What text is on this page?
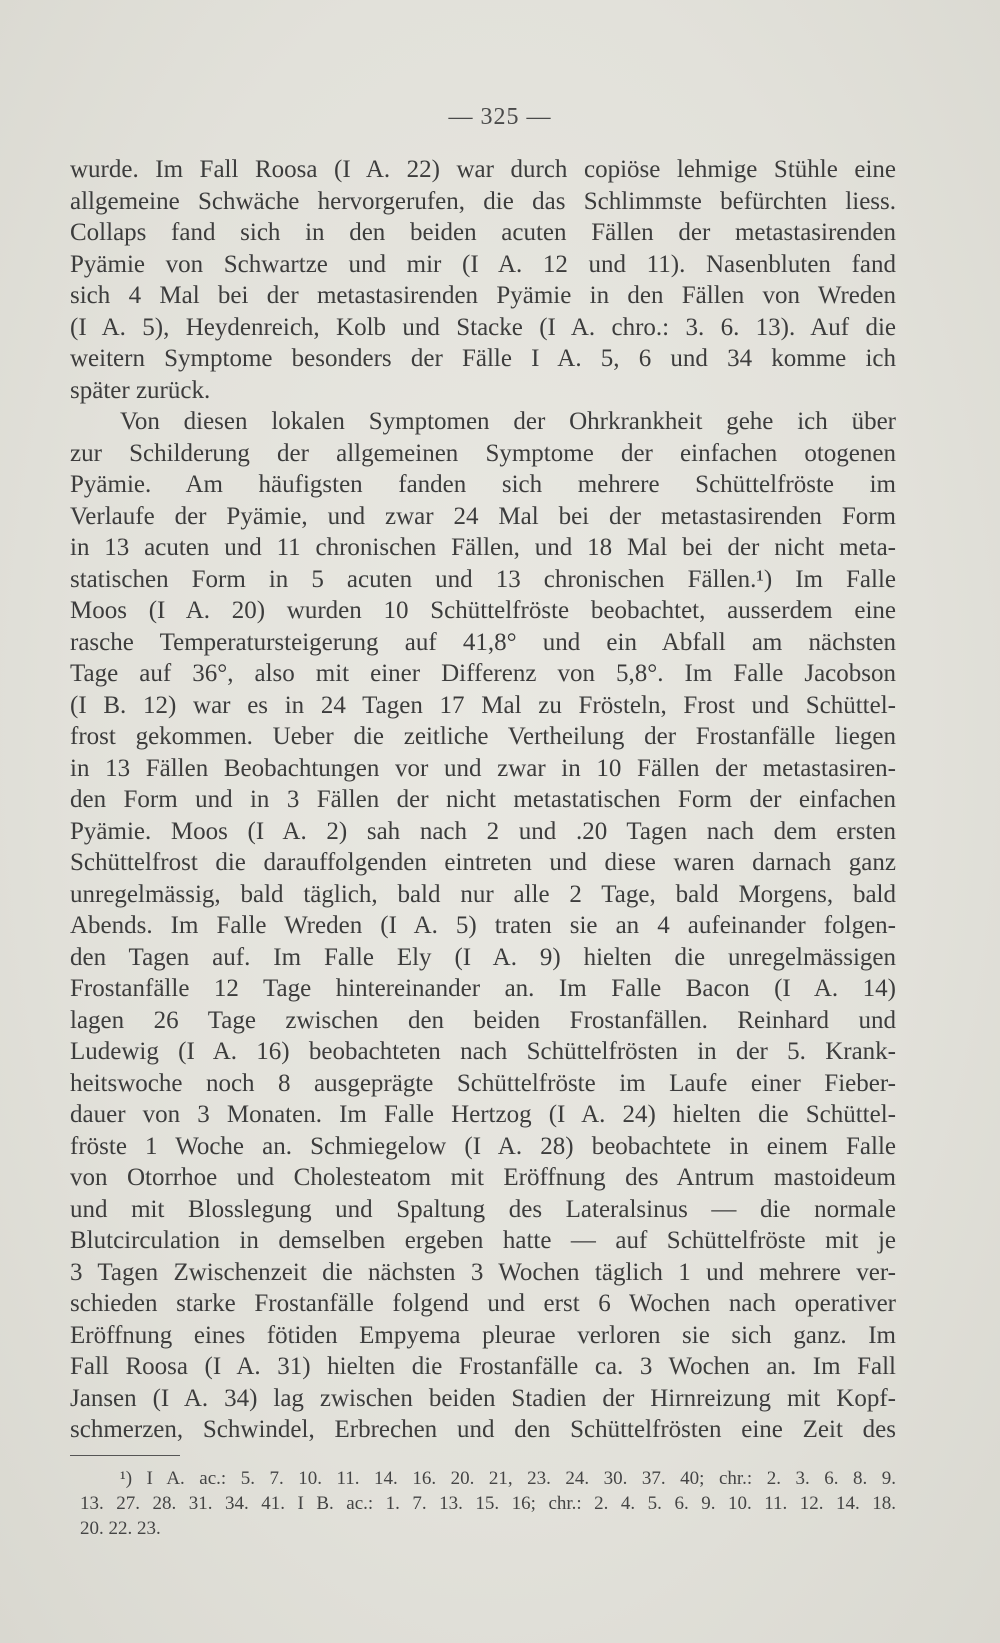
— 325 —
wurde. Im Fall Roosa (I A. 22) war durch copiöse lehmige Stühle eine
allgemeine Schwäche hervorgerufen, die das Schlimmste befürchten liess.
Collaps fand sich in den beiden acuten Fällen der metastasirenden
Pyämie von Schwartze und mir (I A. 12 und 11). Nasenbluten fand
sich 4 Mal bei der metastasirenden Pyämie in den Fällen von Wreden
(I A. 5), Heydenreich, Kolb und Stacke (I A. chro.: 3. 6. 13). Auf die
weitern Symptome besonders der Fälle I A. 5, 6 und 34 komme ich
später zurück.
Von diesen lokalen Symptomen der Ohrkrankheit gehe ich über
zur Schilderung der allgemeinen Symptome der einfachen otogenen
Pyämie. Am häufigsten fanden sich mehrere Schüttelfröste im
Verlaufe der Pyämie, und zwar 24 Mal bei der metastasirenden Form
in 13 acuten und 11 chronischen Fällen, und 18 Mal bei der nicht meta-
statischen Form in 5 acuten und 13 chronischen Fällen.¹) Im Falle
Moos (I A. 20) wurden 10 Schüttelfröste beobachtet, ausserdem eine
rasche Temperatursteigerung auf 41,8° und ein Abfall am nächsten
Tage auf 36°, also mit einer Differenz von 5,8°. Im Falle Jacobson
(I B. 12) war es in 24 Tagen 17 Mal zu Frösteln, Frost und Schüttel-
frost gekommen. Ueber die zeitliche Vertheilung der Frostanfälle liegen
in 13 Fällen Beobachtungen vor und zwar in 10 Fällen der metastasiren-
den Form und in 3 Fällen der nicht metastatischen Form der einfachen
Pyämie. Moos (I A. 2) sah nach 2 und .20 Tagen nach dem ersten
Schüttelfrost die darauffolgenden eintreten und diese waren darnach ganz
unregelmässig, bald täglich, bald nur alle 2 Tage, bald Morgens, bald
Abends. Im Falle Wreden (I A. 5) traten sie an 4 aufeinander folgen-
den Tagen auf. Im Falle Ely (I A. 9) hielten die unregelmässigen
Frostanfälle 12 Tage hintereinander an. Im Falle Bacon (I A. 14)
lagen 26 Tage zwischen den beiden Frostanfällen. Reinhard und
Ludewig (I A. 16) beobachteten nach Schüttelfrösten in der 5. Krank-
heitswoche noch 8 ausgeprägte Schüttelfröste im Laufe einer Fieber-
dauer von 3 Monaten. Im Falle Hertzog (I A. 24) hielten die Schüttel-
fröste 1 Woche an. Schmiegelow (I A. 28) beobachtete in einem Falle
von Otorrhoe und Cholesteatom mit Eröffnung des Antrum mastoideum
und mit Blosslegung und Spaltung des Lateralsinus — die normale
Blutcirculation in demselben ergeben hatte — auf Schüttelfröste mit je
3 Tagen Zwischenzeit die nächsten 3 Wochen täglich 1 und mehrere ver-
schieden starke Frostanfälle folgend und erst 6 Wochen nach operativer
Eröffnung eines fötiden Empyema pleurae verloren sie sich ganz. Im
Fall Roosa (I A. 31) hielten die Frostanfälle ca. 3 Wochen an. Im Fall
Jansen (I A. 34) lag zwischen beiden Stadien der Hirnreizung mit Kopf-
schmerzen, Schwindel, Erbrechen und den Schüttelfrösten eine Zeit des
¹) I A. ac.: 5. 7. 10. 11. 14. 16. 20. 21, 23. 24. 30. 37. 40; chr.: 2. 3. 6. 8. 9.
13. 27. 28. 31. 34. 41. I B. ac.: 1. 7. 13. 15. 16; chr.: 2. 4. 5. 6. 9. 10. 11. 12. 14. 18.
20. 22. 23.
